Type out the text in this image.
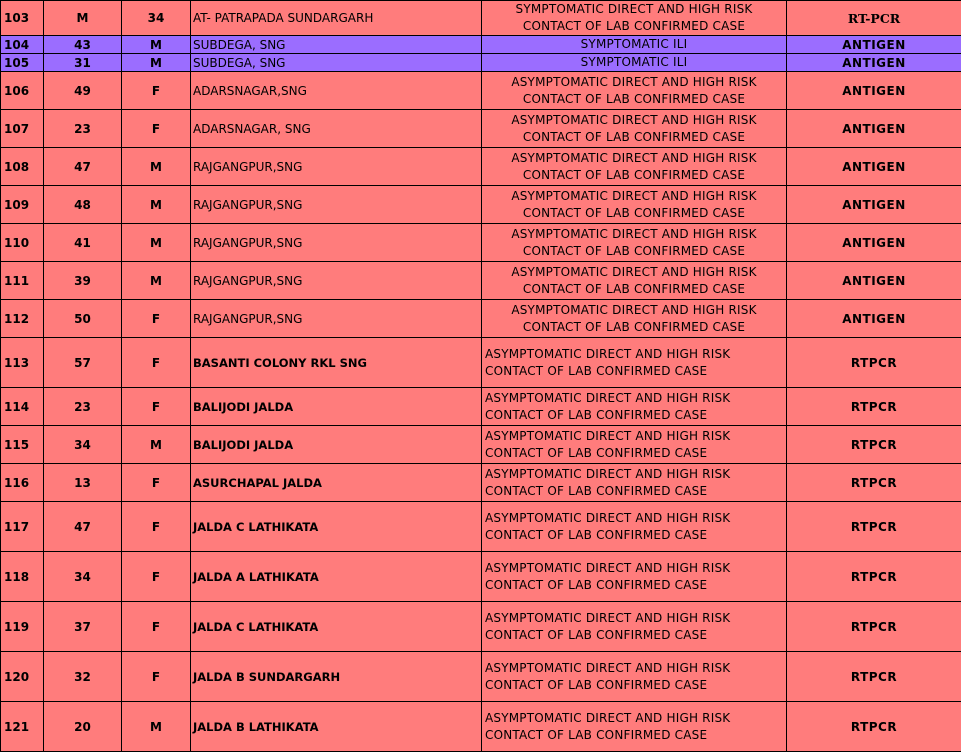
103	M	34	AT- PATRAPADA SUNDARGARH	SYMPTOMATIC DIRECT AND HIGH RISK
CONTACT OF LAB CONFIRMED CASE	RT-PCR
104	43	M	SUBDEGA, SNG	SYMPTOMATIC ILI	ANTIGEN
105	31	M	SUBDEGA, SNG	SYMPTOMATIC ILI	ANTIGEN
106	49	F	ADARSNAGAR,SNG	ASYMPTOMATIC DIRECT AND HIGH RISK
CONTACT OF LAB CONFIRMED CASE	ANTIGEN
107	23	F	ADARSNAGAR, SNG	ASYMPTOMATIC DIRECT AND HIGH RISK
CONTACT OF LAB CONFIRMED CASE	ANTIGEN
108	47	M	RAJGANGPUR,SNG	ASYMPTOMATIC DIRECT AND HIGH RISK
CONTACT OF LAB CONFIRMED CASE	ANTIGEN
109	48	M	RAJGANGPUR,SNG	ASYMPTOMATIC DIRECT AND HIGH RISK
CONTACT OF LAB CONFIRMED CASE	ANTIGEN
110	41	M	RAJGANGPUR,SNG	ASYMPTOMATIC DIRECT AND HIGH RISK
CONTACT OF LAB CONFIRMED CASE	ANTIGEN
111	39	M	RAJGANGPUR,SNG	ASYMPTOMATIC DIRECT AND HIGH RISK
CONTACT OF LAB CONFIRMED CASE	ANTIGEN
112	50	F	RAJGANGPUR,SNG	ASYMPTOMATIC DIRECT AND HIGH RISK
CONTACT OF LAB CONFIRMED CASE	ANTIGEN
113	57	F	BASANTI COLONY RKL SNG	ASYMPTOMATIC DIRECT AND HIGH RISK
CONTACT OF LAB CONFIRMED CASE	RTPCR
114	23	F	BALIJODI JALDA	ASYMPTOMATIC DIRECT AND HIGH RISK
CONTACT OF LAB CONFIRMED CASE	RTPCR
115	34	M	BALIJODI JALDA	ASYMPTOMATIC DIRECT AND HIGH RISK
CONTACT OF LAB CONFIRMED CASE	RTPCR
116	13	F	ASURCHAPAL JALDA	ASYMPTOMATIC DIRECT AND HIGH RISK
CONTACT OF LAB CONFIRMED CASE	RTPCR
117	47	F	JALDA C LATHIKATA	ASYMPTOMATIC DIRECT AND HIGH RISK
CONTACT OF LAB CONFIRMED CASE	RTPCR
118	34	F	JALDA A LATHIKATA	ASYMPTOMATIC DIRECT AND HIGH RISK
CONTACT OF LAB CONFIRMED CASE	RTPCR
119	37	F	JALDA C LATHIKATA	ASYMPTOMATIC DIRECT AND HIGH RISK
CONTACT OF LAB CONFIRMED CASE	RTPCR
120	32	F	JALDA B SUNDARGARH	ASYMPTOMATIC DIRECT AND HIGH RISK
CONTACT OF LAB CONFIRMED CASE	RTPCR
121	20	M	JALDA B LATHIKATA	ASYMPTOMATIC DIRECT AND HIGH RISK
CONTACT OF LAB CONFIRMED CASE	RTPCR
